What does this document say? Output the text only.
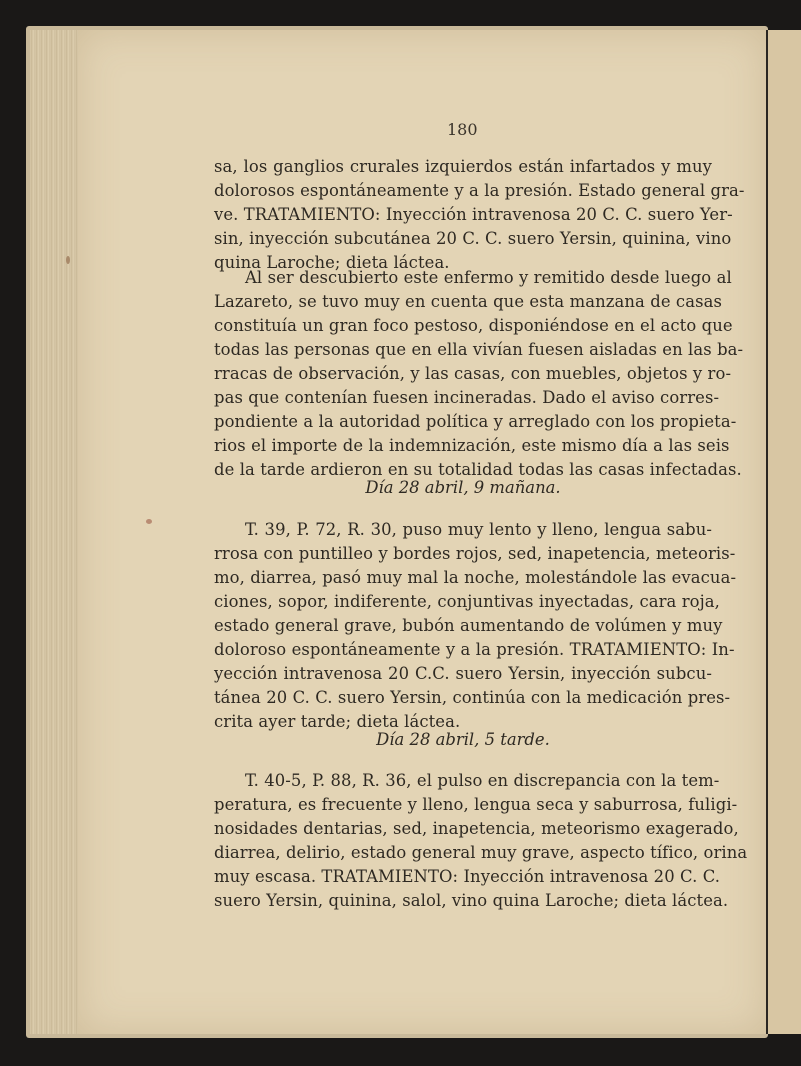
180
sa, los ganglios crurales izquierdos están infartados y muy
dolorosos espontáneamente y a la presión. Estado general gra-
ve. TRATAMIENTO: Inyección intravenosa 20 C. C. suero Yer-
sin, inyección subcutánea 20 C. C. suero Yersin, quinina, vino
quina Laroche; dieta láctea.
Al ser descubierto este enfermo y remitido desde luego al
Lazareto, se tuvo muy en cuenta que esta manzana de casas
constituía un gran foco pestoso, disponiéndose en el acto que
todas las personas que en ella vivían fuesen aisladas en las ba-
rracas de observación, y las casas, con muebles, objetos y ro-
pas que contenían fuesen incineradas. Dado el aviso corres-
pondiente a la autoridad política y arreglado con los propieta-
rios el importe de la indemnización, este mismo día a las seis
de la tarde ardieron en su totalidad todas las casas infectadas.
Día 28 abril, 9 mañana.
T. 39, P. 72, R. 30, puso muy lento y lleno, lengua sabu-
rrosa con puntilleo y bordes rojos, sed, inapetencia, meteoris-
mo, diarrea, pasó muy mal la noche, molestándole las evacua-
ciones, sopor, indiferente, conjuntivas inyectadas, cara roja,
estado general grave, bubón aumentando de volúmen y muy
doloroso espontáneamente y a la presión. TRATAMIENTO: In-
yección intravenosa 20 C.C. suero Yersin, inyección subcu-
tánea 20 C. C. suero Yersin, continúa con la medicación pres-
crita ayer tarde; dieta láctea.
Día 28 abril, 5 tarde.
T. 40-5, P. 88, R. 36, el pulso en discrepancia con la tem-
peratura, es frecuente y lleno, lengua seca y saburrosa, fuligi-
nosidades dentarias, sed, inapetencia, meteorismo exagerado,
diarrea, delirio, estado general muy grave, aspecto tífico, orina
muy escasa. TRATAMIENTO: Inyección intravenosa 20 C. C.
suero Yersin, quinina, salol, vino quina Laroche; dieta láctea.
